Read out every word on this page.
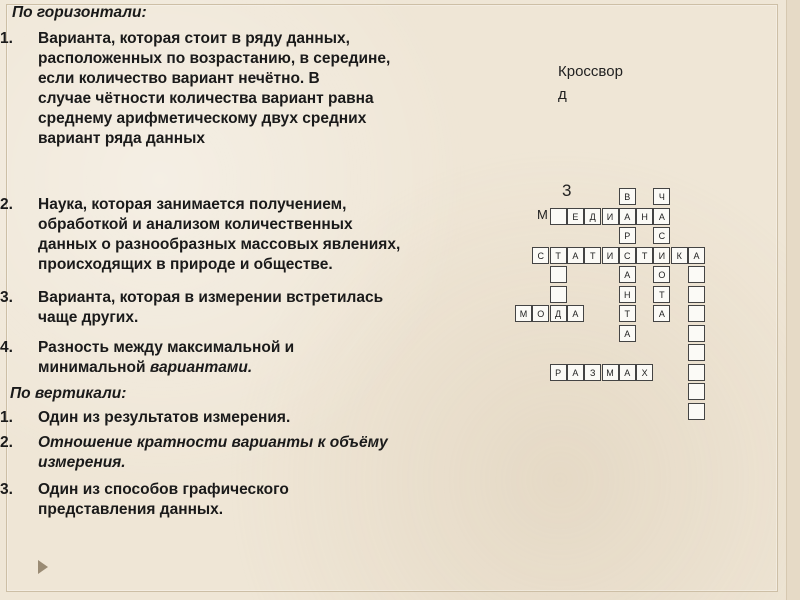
По горизонтали:
1.	Варианта, которая стоит в ряду данных,
расположенных по возрастанию, в середине,
если количество вариант нечётно. В
случае чётности количества вариант равна
среднему арифметическому двух средних
вариант ряда данных
2.	Наука, которая занимается получением,
обработкой и анализом количественных
данных о разнообразных массовых явлениях,
происходящих в природе и обществе.
3.	Варианта, которая в измерении встретилась
чаще других.
4.	Разность между максимальной и
минимальной вариантами.
По вертикали:
1.	Один из результатов измерения.
2.	Отношение кратности варианты к объёму
измерения.
3.	Один из способов графического
представления данных.
Кроссвор
д
3
М
В	Ч
Е	Д	И	А	Н	А
Р	С
С	Т	А	Т	И	С	Т	И	К	А
А	О
Н	Т
М	О	Д	А	Т	А
А
Р	А	З	М	А	Х
